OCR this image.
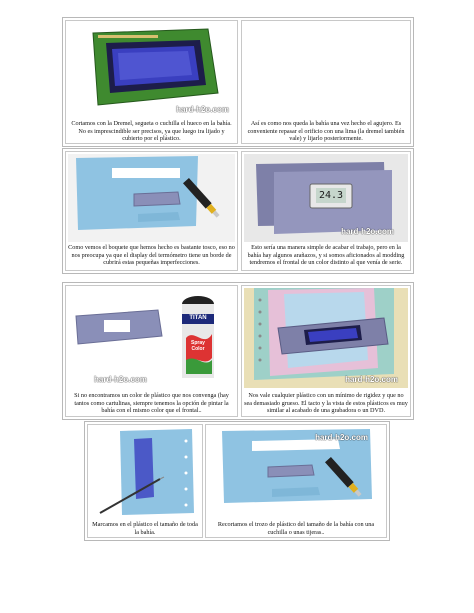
hard-h2o.com
Cortamos con la Dremel, segueta o cuchilla el hueco en la bahía. No es imprescindible ser precisos, ya que luego ira lijado y cubierto por el plástico.
Así es como nos queda la bahía una vez hecho el agujero. Es conveniente repasar el orificio con una lima (la dremel también vale) y lijarlo posteriormente.
Como vemos el boquete que hemos hecho es bastante tosco, eso no nos preocupa ya que el display del termómetro tiene un borde de cubrirá estas pequeñas imperfecciones.
24.3
hard-h2o.com
Esto sería una manera simple de acabar el trabajo, pero en la bahía hay algunos arañazos, y si somos aficionados al modding tendremos el frontal de un color distinto al que venía de serie.
TITAN
Spray Color
hard-h2o.com
Si no encontramos un color de plástico que nos convenga (hay tantos como cartulinas, siempre tenemos la opción de pintar la bahía con el mismo color que el frontal..
hard-h2o.com
Nos vale cualquier plástico con un mínimo de rigidez y que no sea demasiado grueso. El tacto y la vista de estos plásticos es muy similar al acabado de una grabadora o un DVD.
Marcamos en el plástico el tamaño de toda la bahía.
hard-h2o.com
Recortamos el trozo de plástico del tamaño de la bahía con una cuchilla o unas tijeras..
